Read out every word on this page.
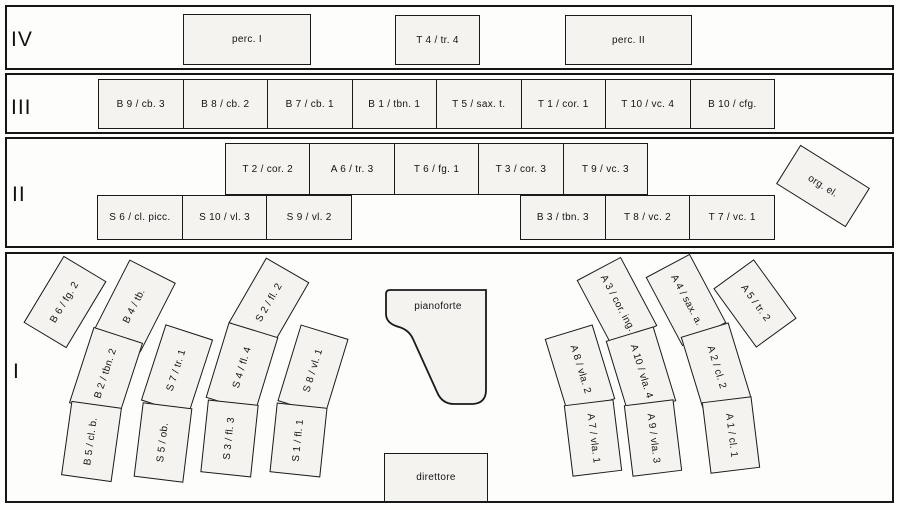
IV
III
II
I
perc. I	T 4 / tr. 4	perc. II
B 9 / cb. 3	B 8 / cb. 2	B 7 / cb. 1	B 1 / tbn. 1	T 5 / sax. t.	T 1 / cor. 1	T 10 / vc. 4	B 10 / cfg.
T 2 / cor. 2	A 6 / tr. 3	T 6 / fg. 1	T 3 / cor. 3	T 9 / vc. 3
S 6 / cl. picc.	S 10 / vl. 3	S 9 / vl. 2	B 3 / tbn. 3	T 8 / vc. 2	T 7 / vc. 1
org. el.
B 6 / fg. 2	B 4 / tb.
B 2 / tbn. 2
B 5 / cl. b.
S 7 / tr. 1
S 5 / ob.
S 2 / fl. 2
S 4 / fl. 4
S 3 / fl. 3
S 8 / vl. 1
S 1 / fl. 1
A 3 / cor. ing.	A 4 / sax. a.	A 5 / tr. 2
A 8 / vla. 2	A 10 / vla. 4	A 2 / cl. 2
A 7 / vla. 1	A 9 / vla. 3	A 1 / cl. 1
pianoforte
direttore
